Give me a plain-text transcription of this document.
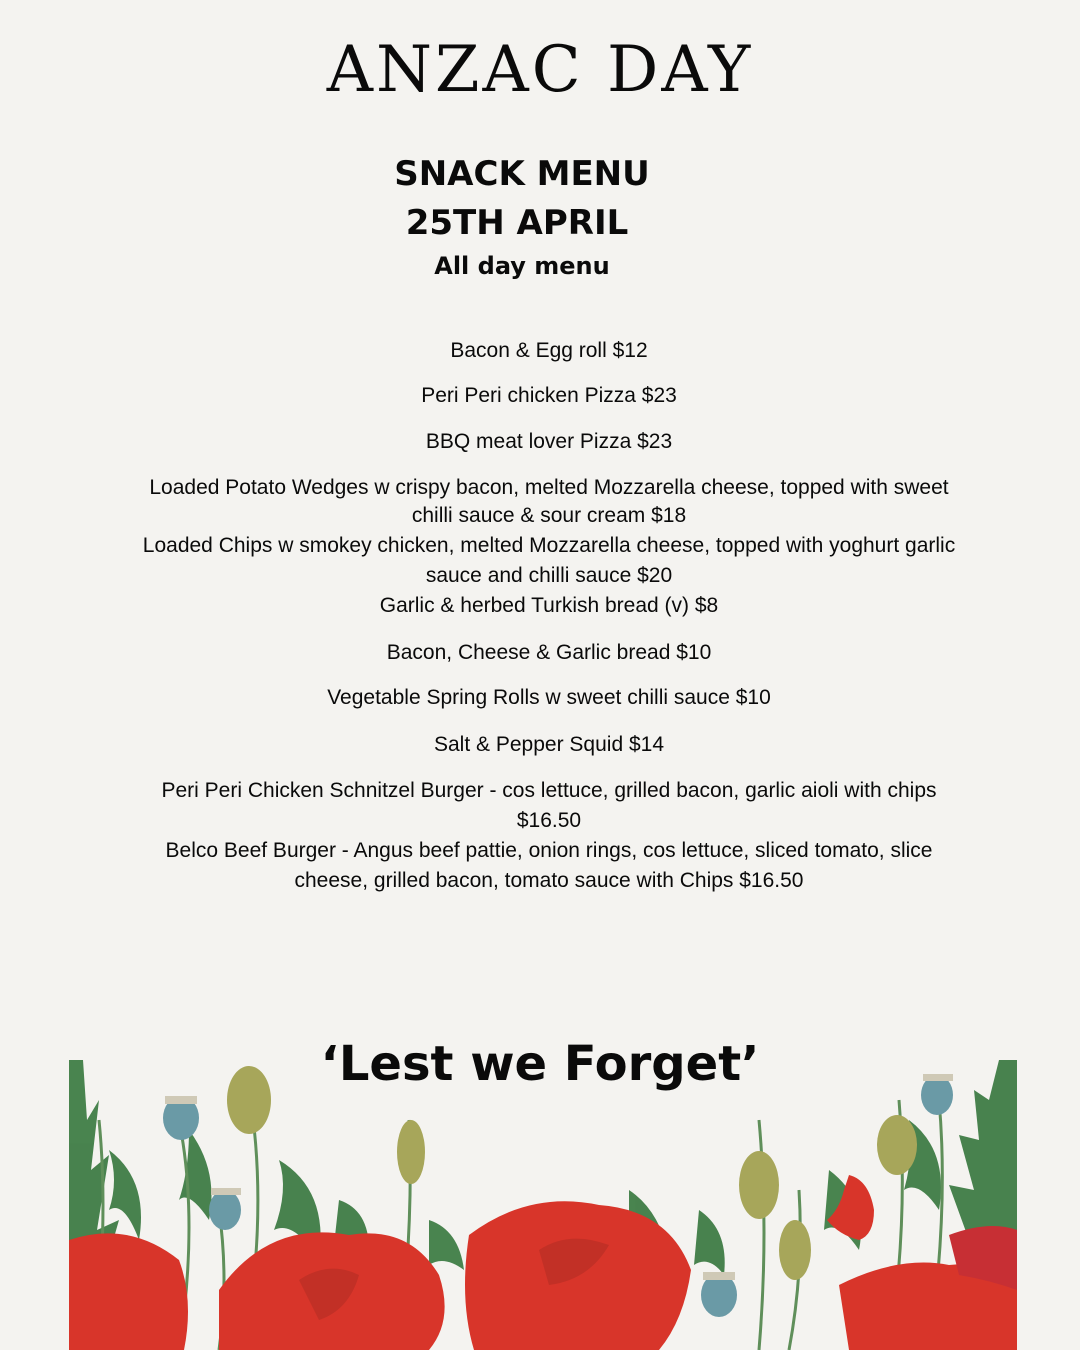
ANZAC DAY
SNACK MENU
25TH APRIL
All day menu
Bacon & Egg roll $12
Peri Peri chicken Pizza $23
BBQ meat lover Pizza $23
Loaded Potato Wedges w crispy bacon, melted Mozzarella cheese, topped with sweet
chilli sauce & sour cream $18
Loaded Chips w smokey chicken, melted Mozzarella cheese, topped with yoghurt garlic
sauce and chilli sauce $20
Garlic & herbed Turkish bread (v) $8
Bacon, Cheese & Garlic bread $10
Vegetable Spring Rolls w sweet chilli sauce $10
Salt & Pepper Squid $14
Peri Peri Chicken Schnitzel Burger - cos lettuce, grilled bacon, garlic aioli with chips
$16.50
Belco Beef Burger - Angus beef pattie, onion rings, cos lettuce, sliced tomato, slice
cheese, grilled bacon, tomato sauce with Chips $16.50
‘Lest we Forget’
